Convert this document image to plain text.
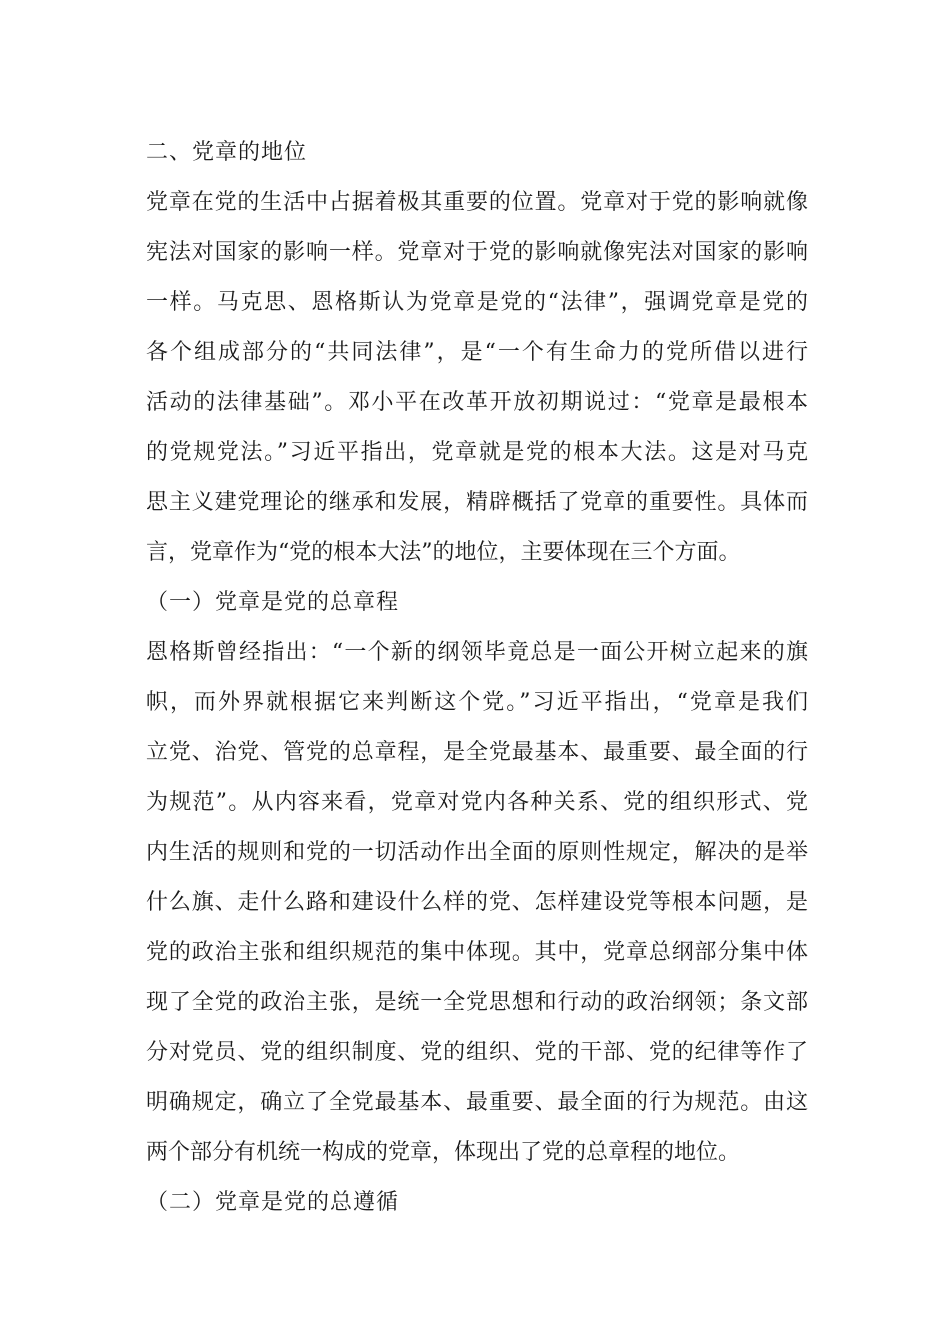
二、党章的地位
党章在党的生活中占据着极其重要的位置。党章对于党的影响就像
宪法对国家的影响一样。党章对于党的影响就像宪法对国家的影响
一样。马克思、恩格斯认为党章是党的“法律”，强调党章是党的
各个组成部分的“共同法律”，是“一个有生命力的党所借以进行
活动的法律基础”。邓小平在改革开放初期说过：“党章是最根本
的党规党法。”习近平指出，党章就是党的根本大法。这是对马克
思主义建党理论的继承和发展，精辟概括了党章的重要性。具体而
言，党章作为“党的根本大法”的地位，主要体现在三个方面。
（一）党章是党的总章程
恩格斯曾经指出：“一个新的纲领毕竟总是一面公开树立起来的旗
帜，而外界就根据它来判断这个党。”习近平指出，“党章是我们
立党、治党、管党的总章程，是全党最基本、最重要、最全面的行
为规范”。从内容来看，党章对党内各种关系、党的组织形式、党
内生活的规则和党的一切活动作出全面的原则性规定，解决的是举
什么旗、走什么路和建设什么样的党、怎样建设党等根本问题，是
党的政治主张和组织规范的集中体现。其中，党章总纲部分集中体
现了全党的政治主张，是统一全党思想和行动的政治纲领；条文部
分对党员、党的组织制度、党的组织、党的干部、党的纪律等作了
明确规定，确立了全党最基本、最重要、最全面的行为规范。由这
两个部分有机统一构成的党章，体现出了党的总章程的地位。
（二）党章是党的总遵循
